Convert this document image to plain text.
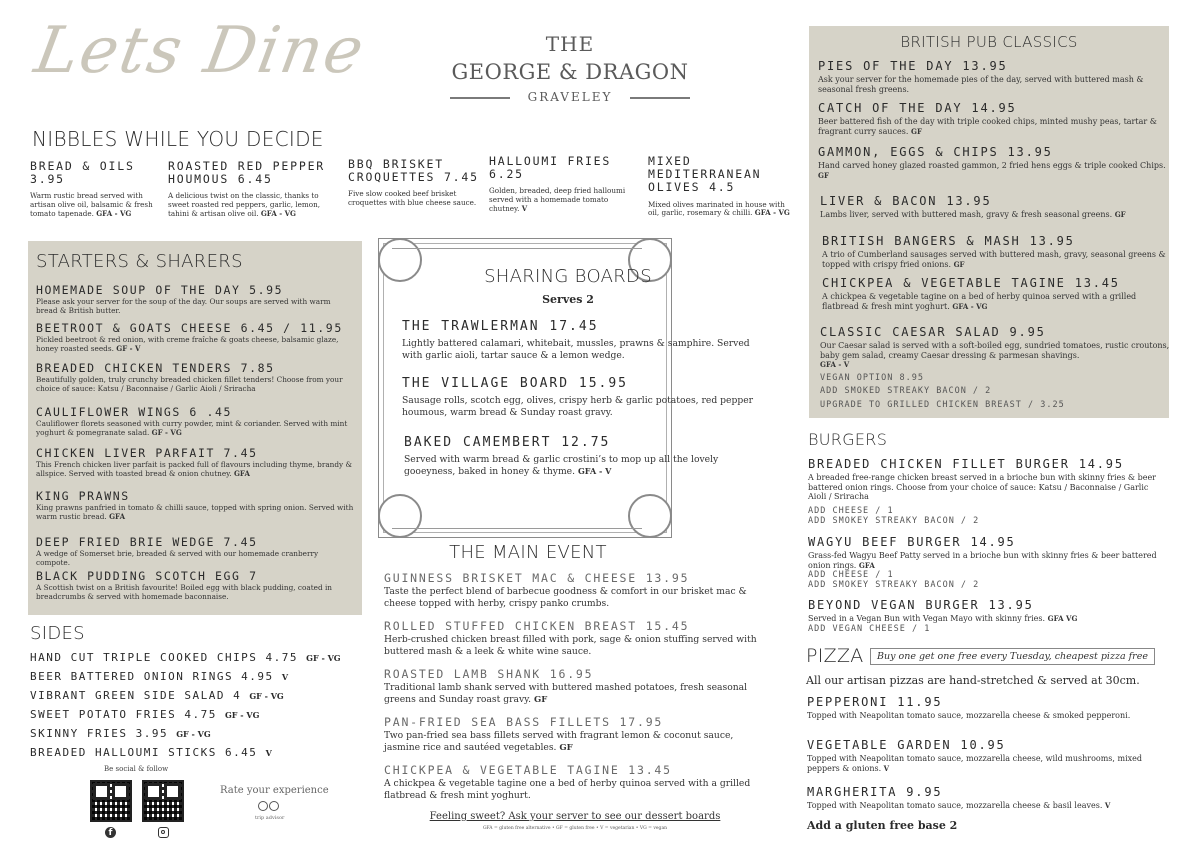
Lets Dine	THE
GEORGE & DRAGON
GRAVELEY
NIBBLES WHILE YOU DECIDE
BREAD & OILS 3.95
Warm rustic bread served with artisan olive oil, balsamic & fresh tomato tapenade. GFA - VG
ROASTED RED PEPPER HOUMOUS 6.45
A delicious twist on the classic, thanks to sweet roasted red peppers, garlic, lemon, tahini & artisan olive oil. GFA - VG
BBQ BRISKET CROQUETTES 7.45
Five slow cooked beef brisket croquettes with blue cheese sauce.
HALLOUMI FRIES 6.25
Golden, breaded, deep fried halloumi served with a homemade tomato chutney. V
MIXED MEDITERRANEAN OLIVES 4.5
Mixed olives marinated in house with oil, garlic, rosemary & chilli. GFA - VG
STARTERS & SHARERS
HOMEMADE SOUP OF THE DAY 5.95
Please ask your server for the soup of the day. Our soups are served with warm bread & British butter.
BEETROOT & GOATS CHEESE 6.45 / 11.95
Pickled beetroot & red onion, with creme fraîche & goats cheese, balsamic glaze, honey roasted seeds. GF - V
BREADED CHICKEN TENDERS 7.85
Beautifully golden, truly crunchy breaded chicken fillet tenders! Choose from your choice of sauce: Katsu / Baconnaise / Garlic Aioli / Sriracha
CAULIFLOWER WINGS 6 .45
Cauliflower florets seasoned with curry powder, mint & coriander. Served with mint yoghurt & pomegranate salad. GF - VG
CHICKEN LIVER PARFAIT 7.45
This French chicken liver parfait is packed full of flavours including thyme, brandy & allspice. Served with toasted bread & onion chutney. GFA
KING PRAWNS
King prawns panfried in tomato & chilli sauce, topped with spring onion. Served with warm rustic bread. GFA
DEEP FRIED BRIE WEDGE 7.45
A wedge of Somerset brie, breaded & served with our homemade cranberry compote.
BLACK PUDDING SCOTCH EGG 7
A Scottish twist on a British favourite! Boiled egg with black pudding, coated in breadcrumbs & served with homemade baconnaise.
SIDES
HAND CUT TRIPLE COOKED CHIPS 4.75 GF - VG
BEER BATTERED ONION RINGS 4.95 V
VIBRANT GREEN SIDE SALAD 4 GF - VG
SWEET POTATO FRIES 4.75 GF - VG
SKINNY FRIES 3.95 GF - VG
BREADED HALLOUMI STICKS 6.45 V
Be social & follow
f
Rate your experience
trip advisor
SHARING BOARDS
Serves 2
THE TRAWLERMAN 17.45
Lightly battered calamari, whitebait, mussles, prawns & samphire. Served with garlic aioli, tartar sauce & a lemon wedge.
THE VILLAGE BOARD 15.95
Sausage rolls, scotch egg, olives, crispy herb & garlic potatoes, red pepper houmous, warm bread & Sunday roast gravy.
BAKED CAMEMBERT 12.75
Served with warm bread & garlic crostini’s to mop up all the lovely gooeyness, baked in honey & thyme. GFA - V
THE MAIN EVENT
GUINNESS BRISKET MAC & CHEESE 13.95
Taste the perfect blend of barbecue goodness & comfort in our brisket mac & cheese topped with herby, crispy panko crumbs.
ROLLED STUFFED CHICKEN BREAST 15.45
Herb-crushed chicken breast filled with pork, sage & onion stuffing served with buttered mash & a leek & white wine sauce.
ROASTED LAMB SHANK 16.95
Traditional lamb shank served with buttered mashed potatoes, fresh seasonal greens and Sunday roast gravy. GF
PAN-FRIED SEA BASS FILLETS 17.95
Two pan-fried sea bass fillets served with fragrant lemon & coconut sauce, jasmine rice and sautéed vegetables. GF
CHICKPEA & VEGETABLE TAGINE 13.45
A chickpea & vegetable tagine one a bed of herby quinoa served with a grilled flatbread & fresh mint yoghurt.
Feeling sweet? Ask your server to see our dessert boards
GFA = gluten free alternative • GF = gluten free • V = vegetarian • VG = vegan
BRITISH PUB CLASSICS
PIES OF THE DAY 13.95
Ask your server for the homemade pies of the day, served with buttered mash & seasonal fresh greens.
CATCH OF THE DAY 14.95
Beer battered fish of the day with triple cooked chips, minted mushy peas, tartar & fragrant curry sauces. GF
GAMMON, EGGS & CHIPS 13.95
Hand carved honey glazed roasted gammon, 2 fried hens eggs & triple cooked Chips. GF
LIVER & BACON 13.95
Lambs liver, served with buttered mash, gravy & fresh seasonal greens. GF
BRITISH BANGERS & MASH 13.95
A trio of Cumberland sausages served with buttered mash, gravy, seasonal greens & topped with crispy fried onions. GF
CHICKPEA & VEGETABLE TAGINE 13.45
A chickpea & vegetable tagine on a bed of herby quinoa served with a grilled flatbread & fresh mint yoghurt. GFA - VG
CLASSIC CAESAR SALAD 9.95
Our Caesar salad is served with a soft-boiled egg, sundried tomatoes, rustic croutons, baby gem salad, creamy Caesar dressing & parmesan shavings.
GFA - V
VEGAN OPTION 8.95
ADD SMOKED STREAKY BACON / 2
UPGRADE TO GRILLED CHICKEN BREAST / 3.25
BURGERS
BREADED CHICKEN FILLET BURGER 14.95
A breaded free-range chicken breast served in a brioche bun with skinny fries & beer battered onion rings. Choose from your choice of sauce: Katsu / Baconnaise / Garlic Aioli / Sriracha
ADD CHEESE / 1
ADD SMOKEY STREAKY BACON / 2
WAGYU BEEF BURGER 14.95
Grass-fed Wagyu Beef Patty served in a brioche bun with skinny fries & beer battered onion rings. GFA
ADD CHEESE / 1
ADD SMOKEY STREAKY BACON / 2
BEYOND VEGAN BURGER 13.95
Served in a Vegan Bun with Vegan Mayo with skinny fries. GFA VG
ADD VEGAN CHEESE / 1
PIZZA	Buy one get one free every Tuesday, cheapest pizza free
All our artisan pizzas are hand-stretched & served at 30cm.
PEPPERONI 11.95
Topped with Neapolitan tomato sauce, mozzarella cheese & smoked pepperoni.
VEGETABLE GARDEN 10.95
Topped with Neapolitan tomato sauce, mozzarella cheese, wild mushrooms, mixed peppers & onions. V
MARGHERITA 9.95
Topped with Neapolitan tomato sauce, mozzarella cheese & basil leaves. V
Add a gluten free base 2
